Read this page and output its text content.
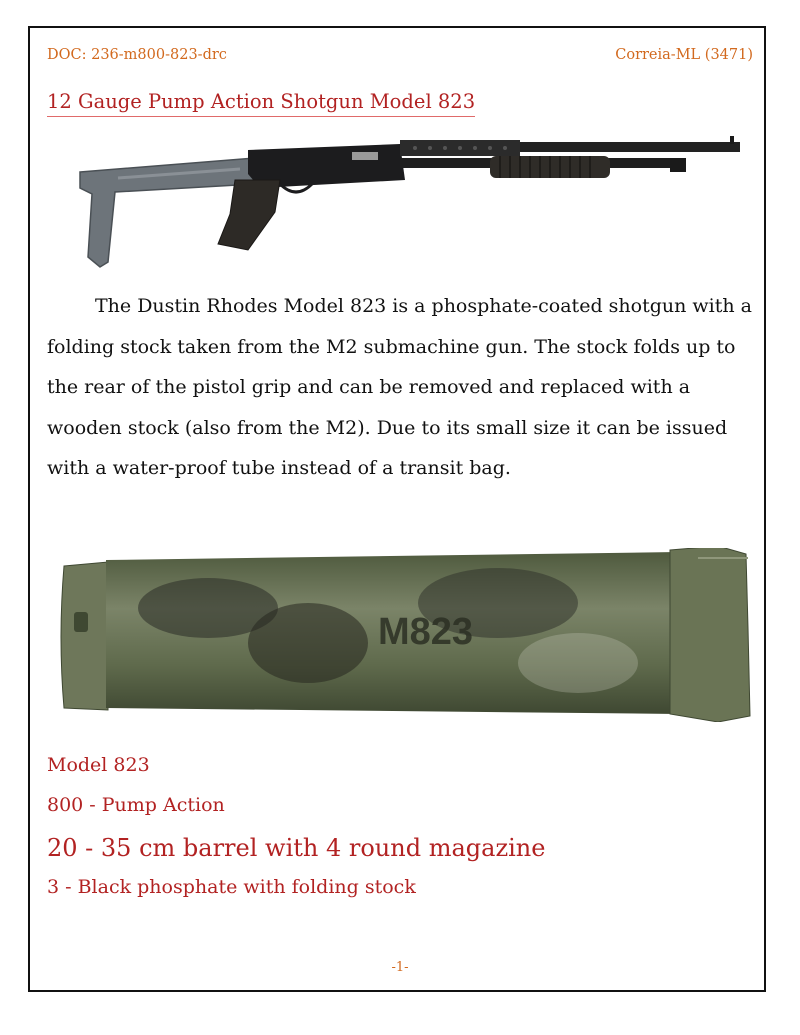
DOC: 236-m800-823-drc	Correia-ML (3471)
12 Gauge Pump Action Shotgun Model 823
The Dustin Rhodes Model 823 is a phosphate-coated shotgun with a folding stock taken from the M2 submachine gun. The stock folds up to the rear of the pistol grip and can be removed and replaced with a wooden stock (also from the M2). Due to its small size it can be issued with a water-proof tube instead of a transit bag.
M823
Model 823
800 - Pump Action
20 - 35 cm barrel with 4 round magazine
3 - Black phosphate with folding stock
-1-
